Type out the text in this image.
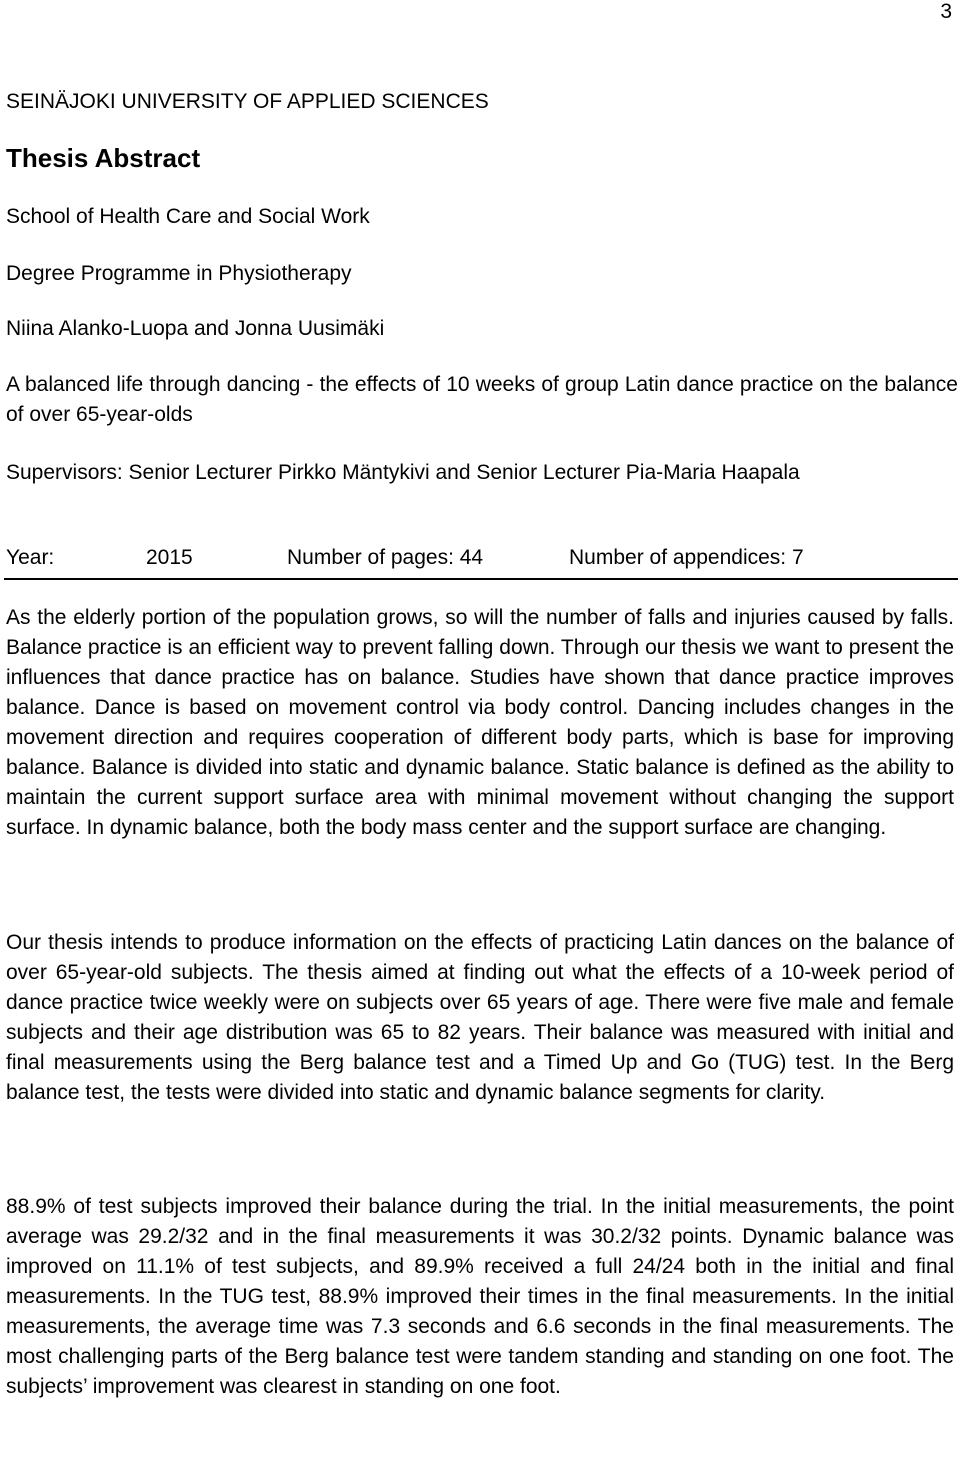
3
SEINÄJOKI UNIVERSITY OF APPLIED SCIENCES
Thesis Abstract
School of Health Care and Social Work
Degree Programme in Physiotherapy
Niina Alanko-Luopa and Jonna Uusimäki
A balanced life through dancing - the effects of 10 weeks of group Latin dance practice on the balance of over 65-year-olds
Supervisors: Senior Lecturer Pirkko Mäntykivi and Senior Lecturer Pia-Maria Haapala
Year:	2015	Number of pages: 44	Number of appendices: 7
As the elderly portion of the population grows, so will the number of falls and injuries caused by falls. Balance practice is an efficient way to prevent falling down. Through our thesis we want to present the influences that dance practice has on balance. Studies have shown that dance practice improves balance. Dance is based on movement control via body control. Dancing includes changes in the movement direction and requires cooperation of different body parts, which is base for improving balance. Balance is divided into static and dynamic balance. Static balance is defined as the ability to maintain the current support surface area with minimal movement without changing the support surface. In dynamic balance, both the body mass center and the support surface are changing.
Our thesis intends to produce information on the effects of practicing Latin dances on the balance of over 65-year-old subjects. The thesis aimed at finding out what the effects of a 10-week period of dance practice twice weekly were on subjects over 65 years of age. There were five male and female subjects and their age distribution was 65 to 82 years. Their balance was measured with initial and final measurements using the Berg balance test and a Timed Up and Go (TUG) test. In the Berg balance test, the tests were divided into static and dynamic balance segments for clarity.
88.9% of test subjects improved their balance during the trial. In the initial measurements, the point average was 29.2/32 and in the final measurements it was 30.2/32 points. Dynamic balance was improved on 11.1% of test subjects, and 89.9% received a full 24/24 both in the initial and final measurements. In the TUG test, 88.9% improved their times in the final measurements. In the initial measurements, the average time was 7.3 seconds and 6.6 seconds in the final measurements. The most challenging parts of the Berg balance test were tandem standing and standing on one foot. The subjects’ improvement was clearest in standing on one foot.
